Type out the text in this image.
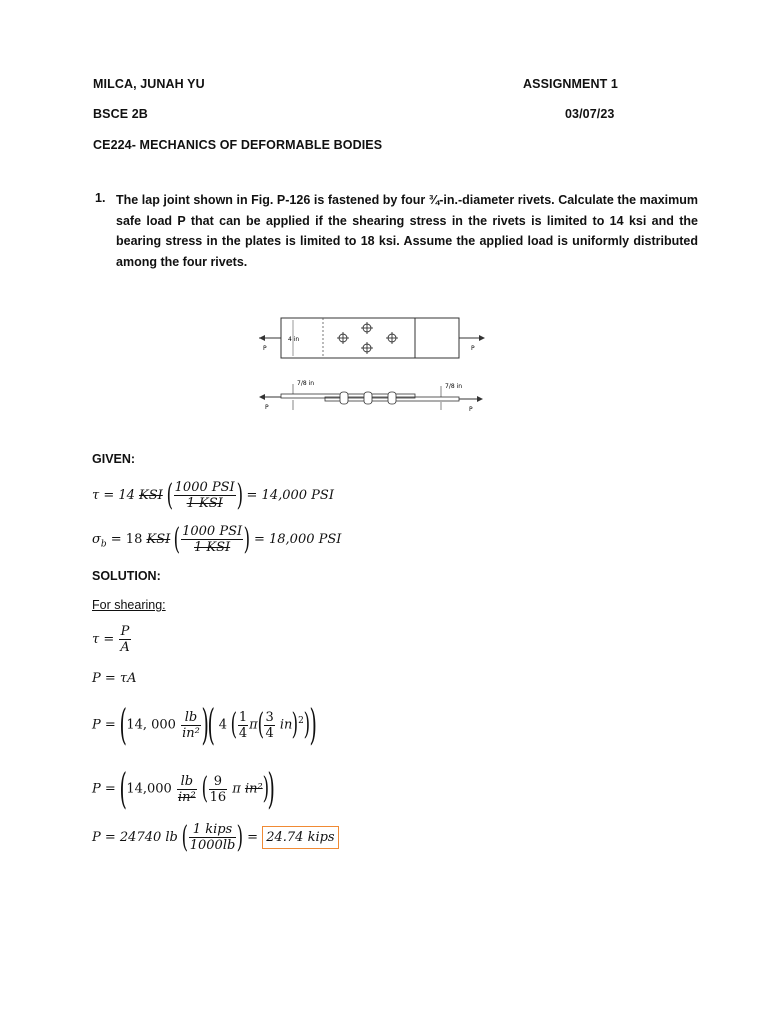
MILCA, JUNAH YU	ASSIGNMENT 1
BSCE 2B	03/07/23
CE224- MECHANICS OF DEFORMABLE BODIES
1. The lap joint shown in Fig. P-126 is fastened by four ¾-in.-diameter rivets. Calculate the maximum safe load P that can be applied if the shearing stress in the rivets is limited to 14 ksi and the bearing stress in the plates is limited to 18 ksi. Assume the applied load is uniformly distributed among the four rivets.
4 in
P	P
7/8 in	7/8 in
P	P
GIVEN:
τ = 14 KSI ( $\frac{\text{1000 PSI}}{\text{1 KSI}}$ ) = 14,000 PSI
$\sigma_b = 18$ KSI ( $\frac{\text{1000 PSI}}{\text{1 KSI}}$ ) = 18,000 PSI
SOLUTION:
For shearing:
$\tau = \frac{P}{A}$
P = τA
P = (14, $000 \frac{lb}{\text{in²}}$ )( 4 ( $\frac{1}{4} \pi( \frac{3}{4} in)^2$))
$P = (14,000 \frac{lb}{\text{in²}}$ ( $\frac{9}{16}$ π in²))
P = 24740 lb ( $\frac{\text{1 kips}}{1000lb}$ ) = 24.74 kips
